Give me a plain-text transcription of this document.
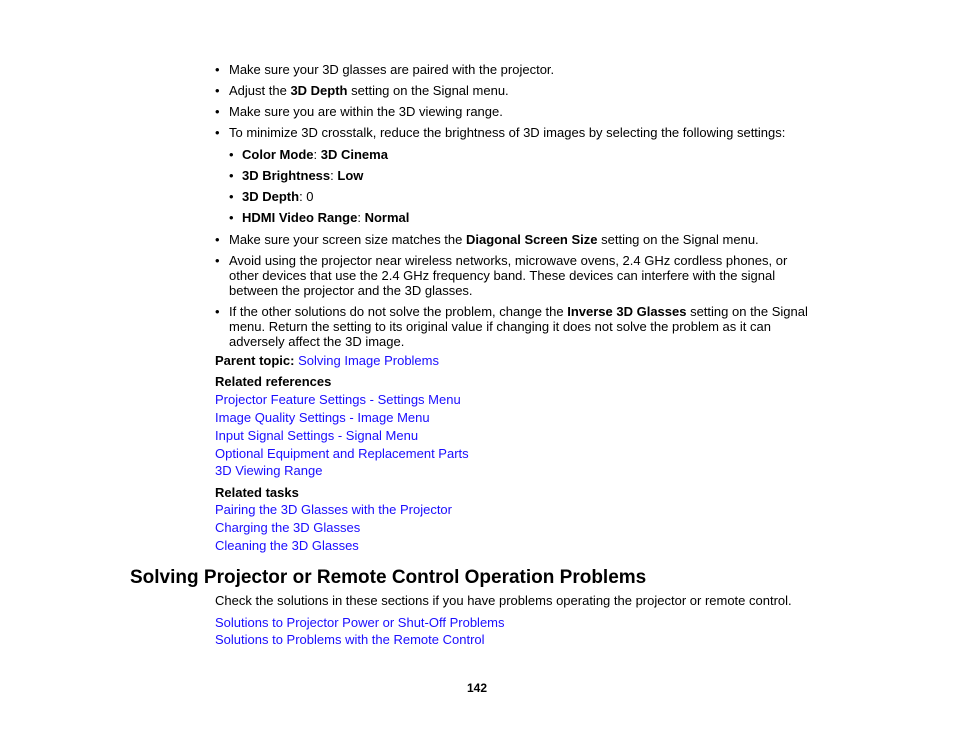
• Make sure your 3D glasses are paired with the projector.
• Adjust the 3D Depth setting on the Signal menu.
• Make sure you are within the 3D viewing range.
• To minimize 3D crosstalk, reduce the brightness of 3D images by selecting the following settings:
• Color Mode: 3D Cinema
• 3D Brightness: Low
• 3D Depth: 0
• HDMI Video Range: Normal
• Make sure your screen size matches the Diagonal Screen Size setting on the Signal menu.
• Avoid using the projector near wireless networks, microwave ovens, 2.4 GHz cordless phones, or other devices that use the 2.4 GHz frequency band. These devices can interfere with the signal between the projector and the 3D glasses.
• If the other solutions do not solve the problem, change the Inverse 3D Glasses setting on the Signal menu. Return the setting to its original value if changing it does not solve the problem as it can adversely affect the 3D image.
Parent topic: Solving Image Problems
Related references
Projector Feature Settings - Settings Menu
Image Quality Settings - Image Menu
Input Signal Settings - Signal Menu
Optional Equipment and Replacement Parts
3D Viewing Range
Related tasks
Pairing the 3D Glasses with the Projector
Charging the 3D Glasses
Cleaning the 3D Glasses
Solving Projector or Remote Control Operation Problems
Check the solutions in these sections if you have problems operating the projector or remote control.
Solutions to Projector Power or Shut-Off Problems
Solutions to Problems with the Remote Control
142
